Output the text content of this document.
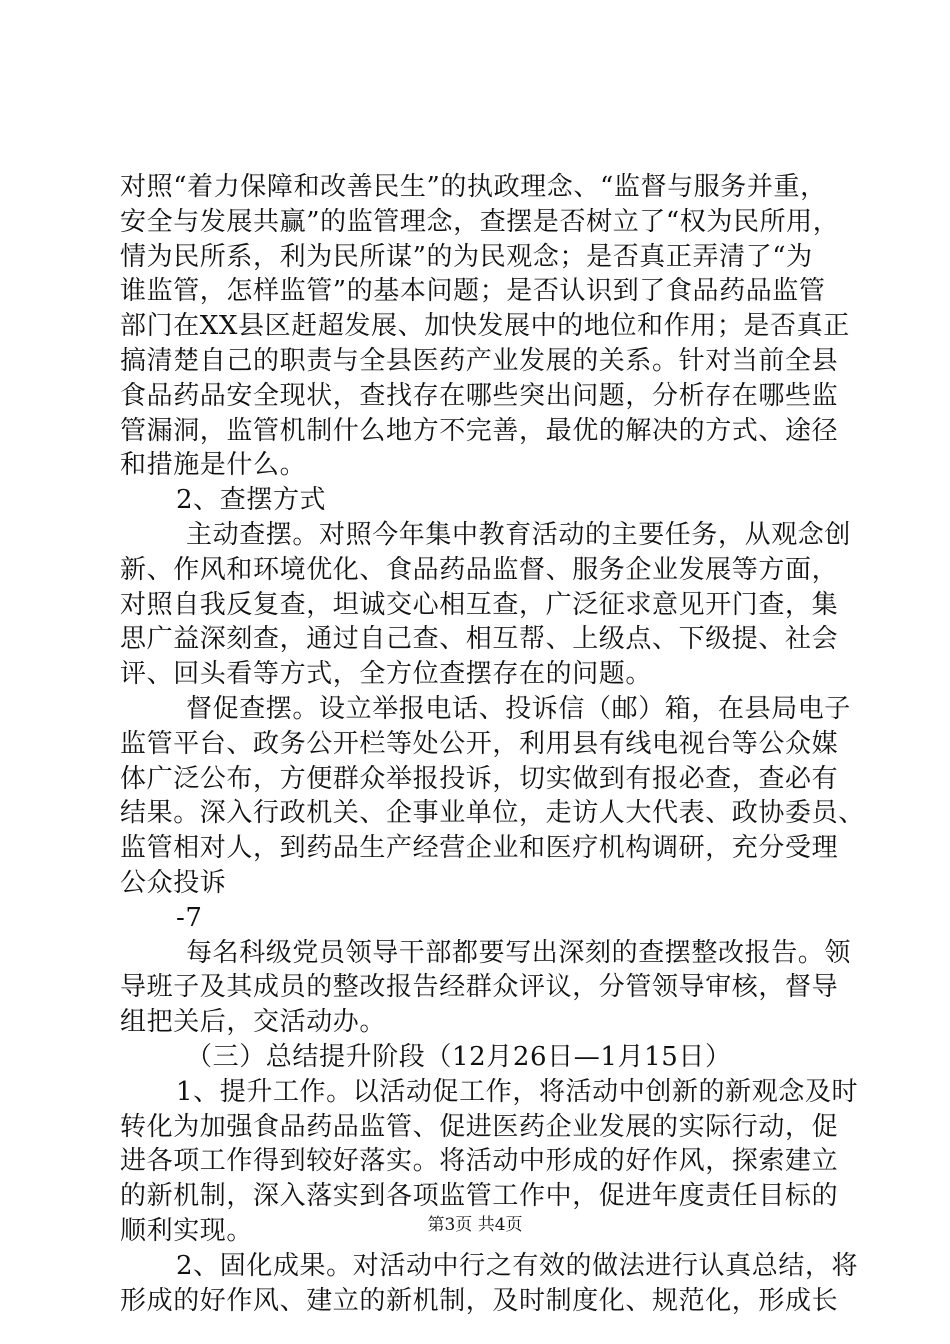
对照“着力保障和改善民生”的执政理念、“监督与服务并重，
安全与发展共赢”的监管理念，查摆是否树立了“权为民所用，
情为民所系，利为民所谋”的为民观念；是否真正弄清了“为
谁监管，怎样监管”的基本问题；是否认识到了食品药品监管
部门在XX县区赶超发展、加快发展中的地位和作用；是否真正
搞清楚自己的职责与全县医药产业发展的关系。针对当前全县
食品药品安全现状，查找存在哪些突出问题，分析存在哪些监
管漏洞，监管机制什么地方不完善，最优的解决的方式、途径
和措施是什么。
2、查摆方式
主动查摆。对照今年集中教育活动的主要任务，从观念创
新、作风和环境优化、食品药品监督、服务企业发展等方面，
对照自我反复查，坦诚交心相互查，广泛征求意见开门查，集
思广益深刻查，通过自己查、相互帮、上级点、下级提、社会
评、回头看等方式，全方位查摆存在的问题。
督促查摆。设立举报电话、投诉信（邮）箱，在县局电子
监管平台、政务公开栏等处公开，利用县有线电视台等公众媒
体广泛公布，方便群众举报投诉，切实做到有报必查，查必有
结果。深入行政机关、企事业单位，走访人大代表、政协委员、
监管相对人，到药品生产经营企业和医疗机构调研，充分受理
公众投诉
-7
每名科级党员领导干部都要写出深刻的查摆整改报告。领
导班子及其成员的整改报告经群众评议，分管领导审核，督导
组把关后，交活动办。
（三）总结提升阶段（12月26日—1月15日）
1、提升工作。以活动促工作，将活动中创新的新观念及时
转化为加强食品药品监管、促进医药企业发展的实际行动，促
进各项工作得到较好落实。将活动中形成的好作风，探索建立
的新机制，深入落实到各项监管工作中，促进年度责任目标的
顺利实现。
2、固化成果。对活动中行之有效的做法进行认真总结，将
形成的好作风、建立的新机制，及时制度化、规范化，形成长
第3页 共4页
